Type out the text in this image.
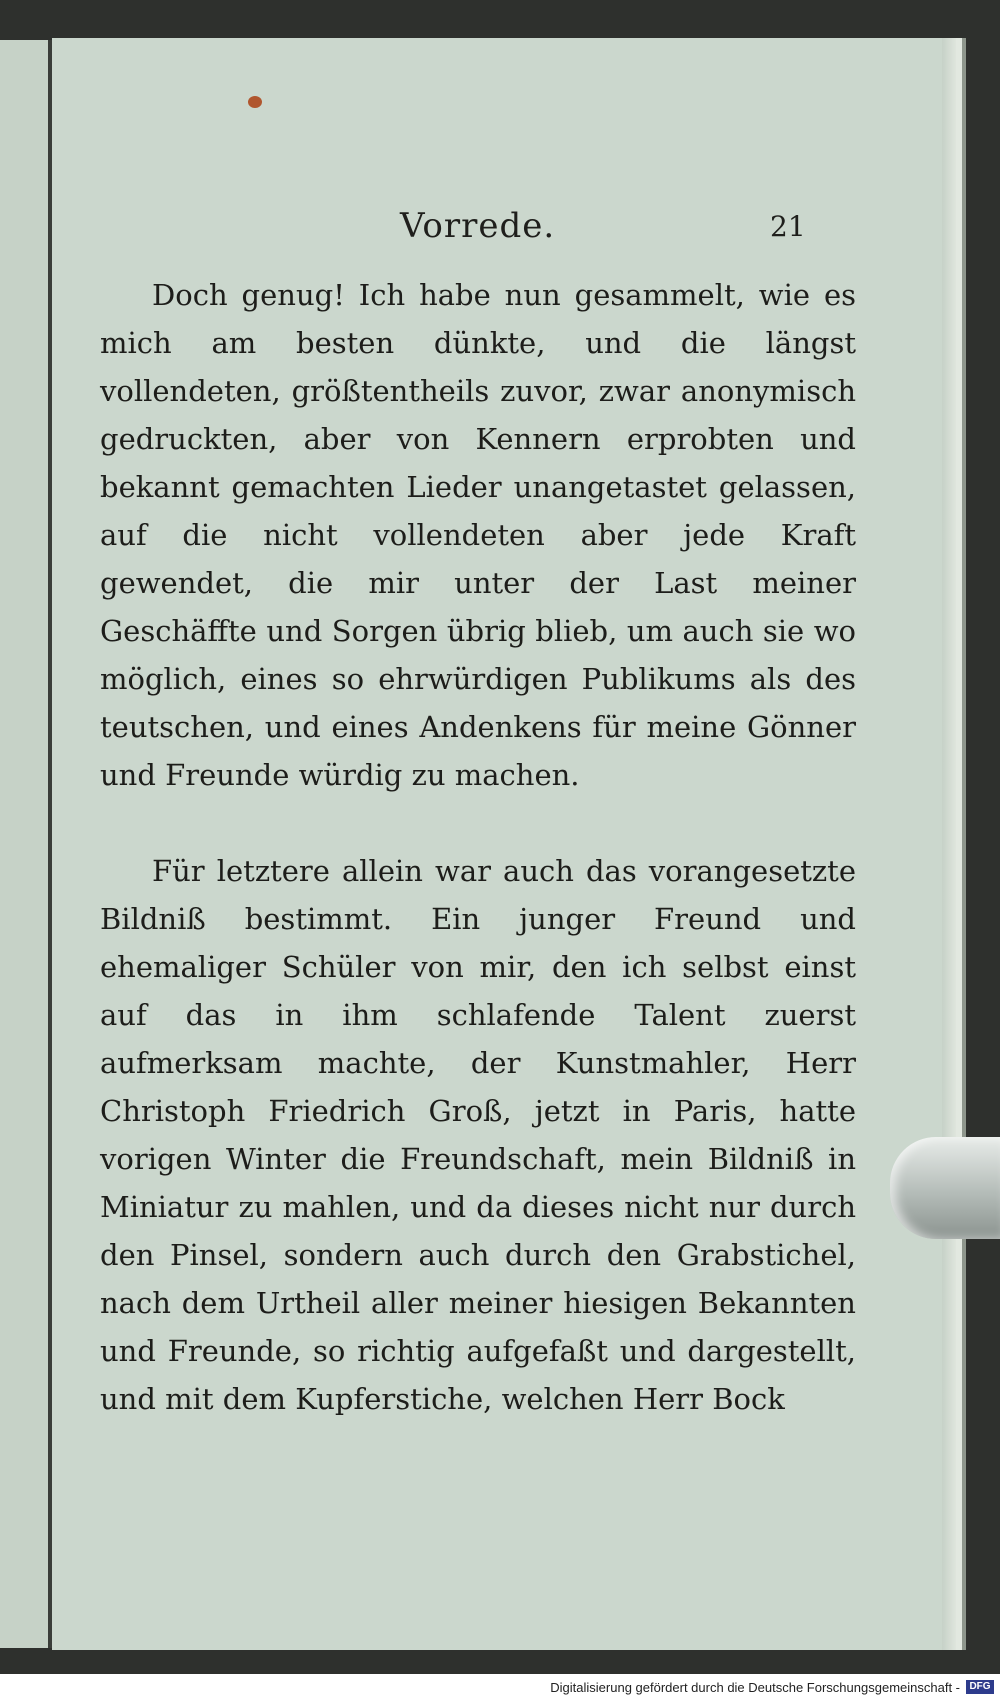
Vorrede.	21

Doch genug! Ich habe nun gesammelt, wie es mich am besten dünkte, und die längst vollendeten, größtentheils zuvor, zwar anonymisch gedruckten, aber von Kennern erprobten und bekannt gemachten Lieder unangetastet gelassen, auf die nicht vollendeten aber jede Kraft gewendet, die mir unter der Last meiner Geschäffte und Sorgen übrig blieb, um auch sie wo möglich, eines so ehrwürdigen Publikums als des teutschen, und eines Andenkens für meine Gönner und Freunde würdig zu machen.

Für letztere allein war auch das vorangesetzte Bildniß bestimmt. Ein junger Freund und ehemaliger Schüler von mir, den ich selbst einst auf das in ihm schlafende Talent zuerst aufmerksam machte, der Kunstmahler, Herr Christoph Friedrich Groß, jetzt in Paris, hatte vorigen Winter die Freundschaft, mein Bildniß in Miniatur zu mahlen, und da dieses nicht nur durch den Pinsel, sondern auch durch den Grabstichel, nach dem Urtheil aller meiner hiesigen Bekannten und Freunde, so richtig aufgefaßt und dargestellt, und mit dem Kupferstiche, welchen Herr Bock

Digitalisierung gefördert durch die Deutsche Forschungsgemeinschaft - DFG
